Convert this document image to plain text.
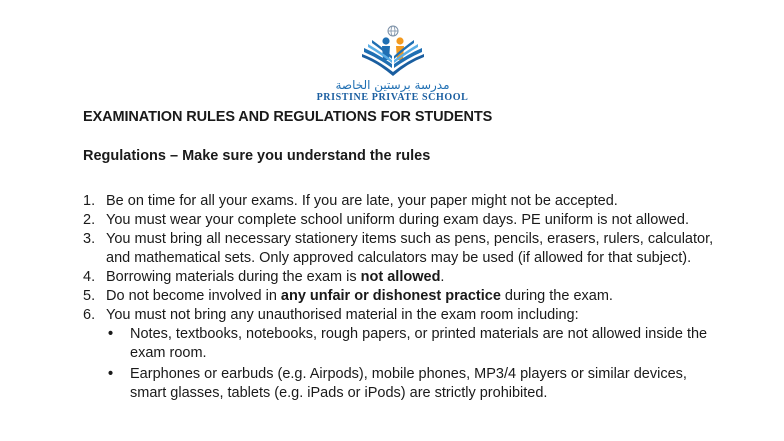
مدرسة برستين الخاصة
PRISTINE PRIVATE SCHOOL

EXAMINATION RULES AND REGULATIONS FOR STUDENTS

Regulations – Make sure you understand the rules

1. Be on time for all your exams. If you are late, your paper might not be accepted.
2. You must wear your complete school uniform during exam days. PE uniform is not allowed.
3. You must bring all necessary stationery items such as pens, pencils, erasers, rulers, calculator, and mathematical sets. Only approved calculators may be used (if allowed for that subject).
4. Borrowing materials during the exam is not allowed.
5. Do not become involved in any unfair or dishonest practice during the exam.
6. You must not bring any unauthorised material in the exam room including:
• Notes, textbooks, notebooks, rough papers, or printed materials are not allowed inside the exam room.
• Earphones or earbuds (e.g. Airpods), mobile phones, MP3/4 players or similar devices, smart glasses, tablets (e.g. iPads or iPods) are strictly prohibited.
